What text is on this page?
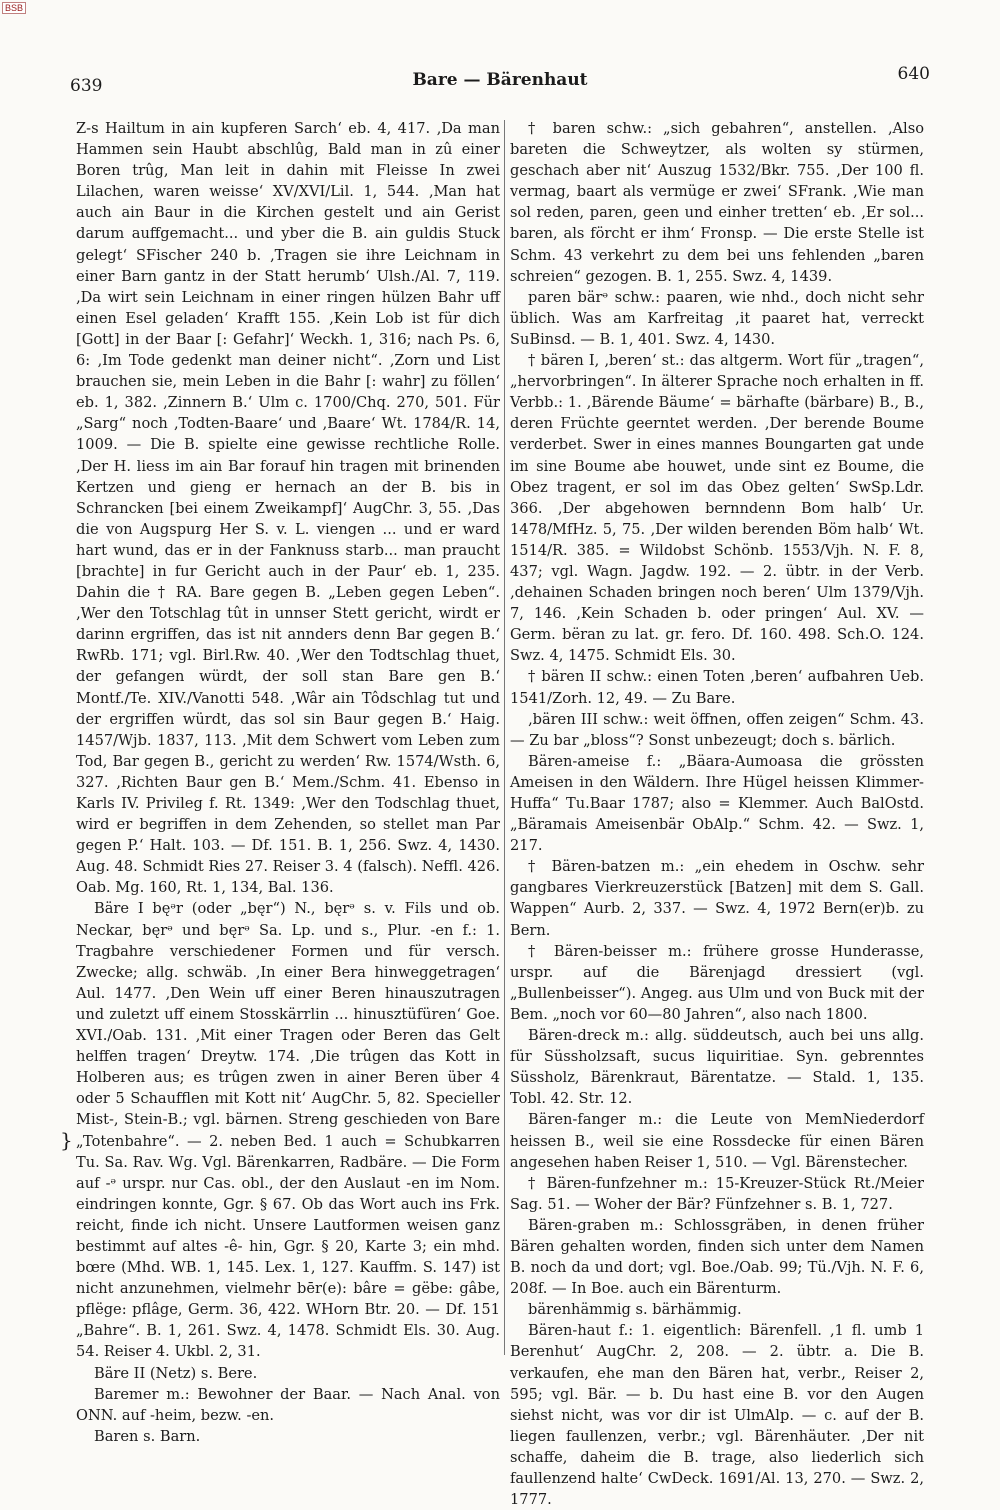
BSB
639	Bare — Bärenhaut	640
}

Z-s Hailtum in ain kupferen Sarch‘ eb. 4, 417. ‚Da man Hammen sein Haubt abschlûg, Bald man in zû einer Boren trûg, Man leit in dahin mit Fleisse In zwei Lilachen, waren weisse‘ XV/XVI/Lil. 1, 544. ‚Man hat auch ain Baur in die Kirchen gestelt und ain Gerist darum auffgemacht... und yber die B. ain guldis Stuck gelegt‘ SFischer 240 b. ‚Tragen sie ihre Leichnam in einer Barn gantz in der Statt herumb‘ Ulsh./Al. 7, 119. ‚Da wirt sein Leichnam in einer ringen hülzen Bahr uff einen Esel geladen‘ Krafft 155. ‚Kein Lob ist für dich [Gott] in der Baar [: Gefahr]‘ Weckh. 1, 316; nach Ps. 6, 6: ‚Im Tode gedenkt man deiner nicht“. ‚Zorn und List brauchen sie, mein Leben in die Bahr [: wahr] zu föllen‘ eb. 1, 382. ‚Zinnern B.‘ Ulm c. 1700/Chq. 270, 501. Für „Sarg“ noch ‚Todten-Baare‘ und ‚Baare‘ Wt. 1784/R. 14, 1009. — Die B. spielte eine gewisse rechtliche Rolle. ‚Der H. liess im ain Bar forauf hin tragen mit brinenden Kertzen und gieng er hernach an der B. bis in Schrancken [bei einem Zweikampf]‘ AugChr. 3, 55. ‚Das die von Augspurg Her S. v. L. viengen ... und er ward hart wund, das er in der Fanknuss starb... man praucht [brachte] in fur Gericht auch in der Paur‘ eb. 1, 235. Dahin die † RA. Bare gegen B. „Leben gegen Leben“. ‚Wer den Totschlag tût in unnser Stett gericht, wirdt er darinn ergriffen, das ist nit annders denn Bar gegen B.‘ RwRb. 171; vgl. Birl.Rw. 40. ‚Wer den Todtschlag thuet, der gefangen würdt, der soll stan Bare gen B.‘ Montf./Te. XIV./Vanotti 548. ‚Wâr ain Tôdschlag tut und der ergriffen würdt, das sol sin Baur gegen B.‘ Haig. 1457/Wjb. 1837, 113. ‚Mit dem Schwert vom Leben zum Tod, Bar gegen B., gericht zu werden‘ Rw. 1574/Wsth. 6, 327. ‚Richten Baur gen B.‘ Mem./Schm. 41. Ebenso in Karls IV. Privileg f. Rt. 1349: ‚Wer den Todschlag thuet, wird er begriffen in dem Zehenden, so stellet man Par gegen P.‘ Halt. 103. — Df. 151. B. 1, 256. Swz. 4, 1430. Aug. 48. Schmidt Ries 27. Reiser 3. 4 (falsch). Neffl. 426. Oab. Mg. 160, Rt. 1, 134, Bal. 136.

Bäre I bęᵊr (oder „bęr“) N., bęrᵊ s. v. Fils und ob. Neckar, bęrᵊ und bęrᵊ Sa. Lp. und s., Plur. -en f.: 1. Tragbahre verschiedener Formen und für versch. Zwecke; allg. schwäb. ‚In einer Bera hinweggetragen‘ Aul. 1477. ‚Den Wein uff einer Beren hinauszutragen und zuletzt uff einem Stosskärrlin ... hinusztüfüren‘ Goe. XVI./Oab. 131. ‚Mit einer Tragen oder Beren das Gelt helffen tragen‘ Dreytw. 174. ‚Die trûgen das Kott in Holberen aus; es trûgen zwen in ainer Beren über 4 oder 5 Schaufflen mit Kott nit‘ AugChr. 5, 82. Specieller Mist-, Stein-B.; vgl. bärnen. Streng geschieden von Bare „Totenbahre“. — 2. neben Bed. 1 auch = Schubkarren Tu. Sa. Rav. Wg. Vgl. Bärenkarren, Radbäre. — Die Form auf -ᵊ urspr. nur Cas. obl., der den Auslaut -en im Nom. eindringen konnte, Ggr. § 67. Ob das Wort auch ins Frk. reicht, finde ich nicht. Unsere Lautformen weisen ganz bestimmt auf altes -ê- hin, Ggr. § 20, Karte 3; ein mhd. bœre (Mhd. WB. 1, 145. Lex. 1, 127. Kauffm. S. 147) ist nicht anzunehmen, vielmehr bēr(e): bâre = gëbe: gâbe, pflëge: pflâge, Germ. 36, 422. WHorn Btr. 20. — Df. 151 „Bahre“. B. 1, 261. Swz. 4, 1478. Schmidt Els. 30. Aug. 54. Reiser 4. Ukbl. 2, 31.

Bäre II (Netz) s. Bere.

Baremer m.: Bewohner der Baar. — Nach Anal. von ONN. auf -heim, bezw. -en.

Baren s. Barn.

† baren schw.: „sich gebahren“, anstellen. ‚Also bareten die Schweytzer, als wolten sy stürmen, geschach aber nit‘ Auszug 1532/Bkr. 755. ‚Der 100 fl. vermag, baart als vermüge er zwei‘ SFrank. ‚Wie man sol reden, paren, geen und einher tretten‘ eb. ‚Er sol... baren, als förcht er ihm‘ Fronsp. — Die erste Stelle ist Schm. 43 verkehrt zu dem bei uns fehlenden „baren schreien“ gezogen. B. 1, 255. Swz. 4, 1439.

paren bärᵊ schw.: paaren, wie nhd., doch nicht sehr üblich. Was am Karfreitag ‚it paaret hat, verreckt SuBinsd. — B. 1, 401. Swz. 4, 1430.

† bären I, ‚beren‘ st.: das altgerm. Wort für „tragen“, „hervorbringen“. In älterer Sprache noch erhalten in ff. Verbb.: 1. ‚Bärende Bäume‘ = bärhafte (bärbare) B., B., deren Früchte geerntet werden. ‚Der berende Boume verderbet. Swer in eines mannes Boungarten gat unde im sine Boume abe houwet, unde sint ez Boume, die Obez tragent, er sol im das Obez gelten‘ SwSp.Ldr. 366. ‚Der abgehowen bernndenn Bom halb‘ Ur. 1478/MfHz. 5, 75. ‚Der wilden berenden Böm halb‘ Wt. 1514/R. 385. = Wildobst Schönb. 1553/Vjh. N. F. 8, 437; vgl. Wagn. Jagdw. 192. — 2. übtr. in der Verb. ‚dehainen Schaden bringen noch beren‘ Ulm 1379/Vjh. 7, 146. ‚Kein Schaden b. oder pringen‘ Aul. XV. — Germ. bëran zu lat. gr. fero. Df. 160. 498. Sch.O. 124. Swz. 4, 1475. Schmidt Els. 30.

† bären II schw.: einen Toten ‚beren‘ aufbahren Ueb. 1541/Zorh. 12, 49. — Zu Bare.

‚bären III schw.: weit öffnen, offen zeigen“ Schm. 43. — Zu bar „bloss“? Sonst unbezeugt; doch s. bärlich.

Bären-ameise f.: „Bäara-Aumoasa die grössten Ameisen in den Wäldern. Ihre Hügel heissen Klimmer-Huffa“ Tu.Baar 1787; also = Klemmer. Auch BalOstd. „Bäramais Ameisenbär ObAlp.“ Schm. 42. — Swz. 1, 217.

† Bären-batzen m.: „ein ehedem in Oschw. sehr gangbares Vierkreuzerstück [Batzen] mit dem S. Gall. Wappen“ Aurb. 2, 337. — Swz. 4, 1972 Bern(er)b. zu Bern.

† Bären-beisser m.: frühere grosse Hunderasse, urspr. auf die Bärenjagd dressiert (vgl. „Bullenbeisser“). Angeg. aus Ulm und von Buck mit der Bem. „noch vor 60—80 Jahren“, also nach 1800.

Bären-dreck m.: allg. süddeutsch, auch bei uns allg. für Süssholzsaft, sucus liquiritiae. Syn. gebrenntes Süssholz, Bärenkraut, Bärentatze. — Stald. 1, 135. Tobl. 42. Str. 12.

Bären-fanger m.: die Leute von MemNiederdorf heissen B., weil sie eine Rossdecke für einen Bären angesehen haben Reiser 1, 510. — Vgl. Bärenstecher.

† Bären-funfzehner m.: 15-Kreuzer-Stück Rt./Meier Sag. 51. — Woher der Bär? Fünfzehner s. B. 1, 727.

Bären-graben m.: Schlossgräben, in denen früher Bären gehalten worden, finden sich unter dem Namen B. noch da und dort; vgl. Boe./Oab. 99; Tü./Vjh. N. F. 6, 208f. — In Boe. auch ein Bärenturm.

bärenhämmig s. bärhämmig.

Bären-haut f.: 1. eigentlich: Bärenfell. ‚1 fl. umb 1 Berenhut‘ AugChr. 2, 208. — 2. übtr. a. Die B. verkaufen, ehe man den Bären hat, verbr., Reiser 2, 595; vgl. Bär. — b. Du hast eine B. vor den Augen siehst nicht, was vor dir ist UlmAlp. — c. auf der B. liegen faullenzen, verbr.; vgl. Bärenhäuter. ‚Der nit schaffe, daheim die B. trage, also liederlich sich faullenzend halte‘ CwDeck. 1691/Al. 13, 270. — Swz. 2, 1777.
